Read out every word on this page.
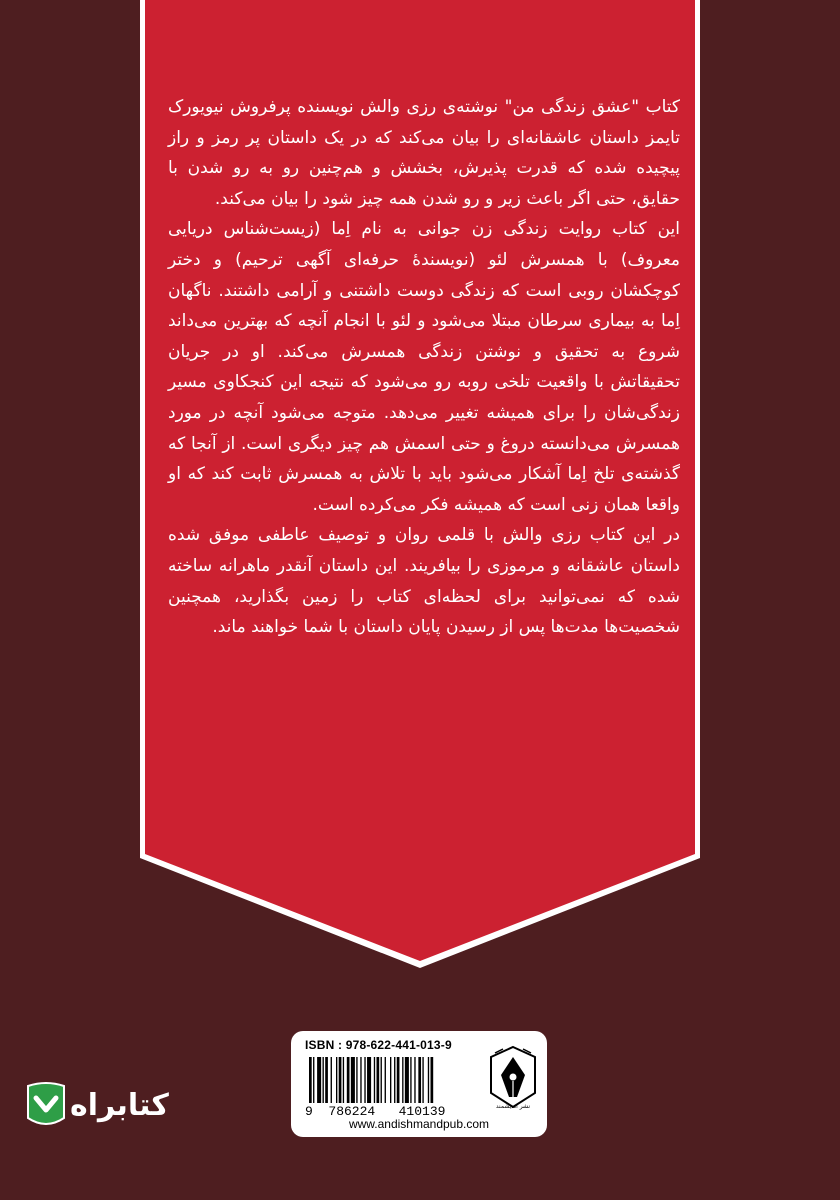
کتاب "عشق زندگی من" نوشته‌ی رزی والش نویسنده پرفروش نیویورک تایمز داستان عاشقانه‌ای را بیان می‌کند که در یک داستان پر رمز و راز پیچیده شده که قدرت پذیرش، بخشش و هم‌چنین رو به رو شدن با حقایق، حتی اگر باعث زیر و رو شدن همه چیز شود را بیان می‌کند.

این کتاب روایت زندگی زن جوانی به نام اِما (زیست‌شناس دریایی معروف) با همسرش لئو (نویسندۀ حرفه‌ای آگهی ترحیم) و دختر کوچکشان روبی است که زندگی دوست داشتنی و آرامی داشتند. ناگهان اِما به بیماری سرطان مبتلا می‌شود و لئو با انجام آنچه که بهترین می‌داند شروع به تحقیق و نوشتن زندگی همسرش می‌کند. او در جریان تحقیقاتش با واقعیت تلخی روبه رو می‌شود که نتیجه این کنجکاوی مسیر زندگی‌شان را برای همیشه تغییر می‌دهد. متوجه می‌شود آنچه در مورد همسرش می‌دانسته دروغ و حتی اسمش هم چیز دیگری است. از آنجا که گذشته‌ی تلخ اِما آشکار می‌شود باید با تلاش به همسرش ثابت کند که او واقعا همان زنی است که همیشه فکر می‌کرده است.

در این کتاب رزی والش با قلمی روان و توصیف عاطفی موفق شده داستان عاشقانه و مرموزی را بیافریند. این داستان آنقدر ماهرانه ساخته شده که نمی‌توانید برای لحظه‌ای کتاب را زمین بگذارید، همچنین شخصیت‌ها مدت‌ها پس از رسیدن پایان داستان با شما خواهند ماند.

ISBN : 978-622-441-013-9
9  786224   410139	نشر اندیشمند
www.andishmandpub.com
کتابراه
